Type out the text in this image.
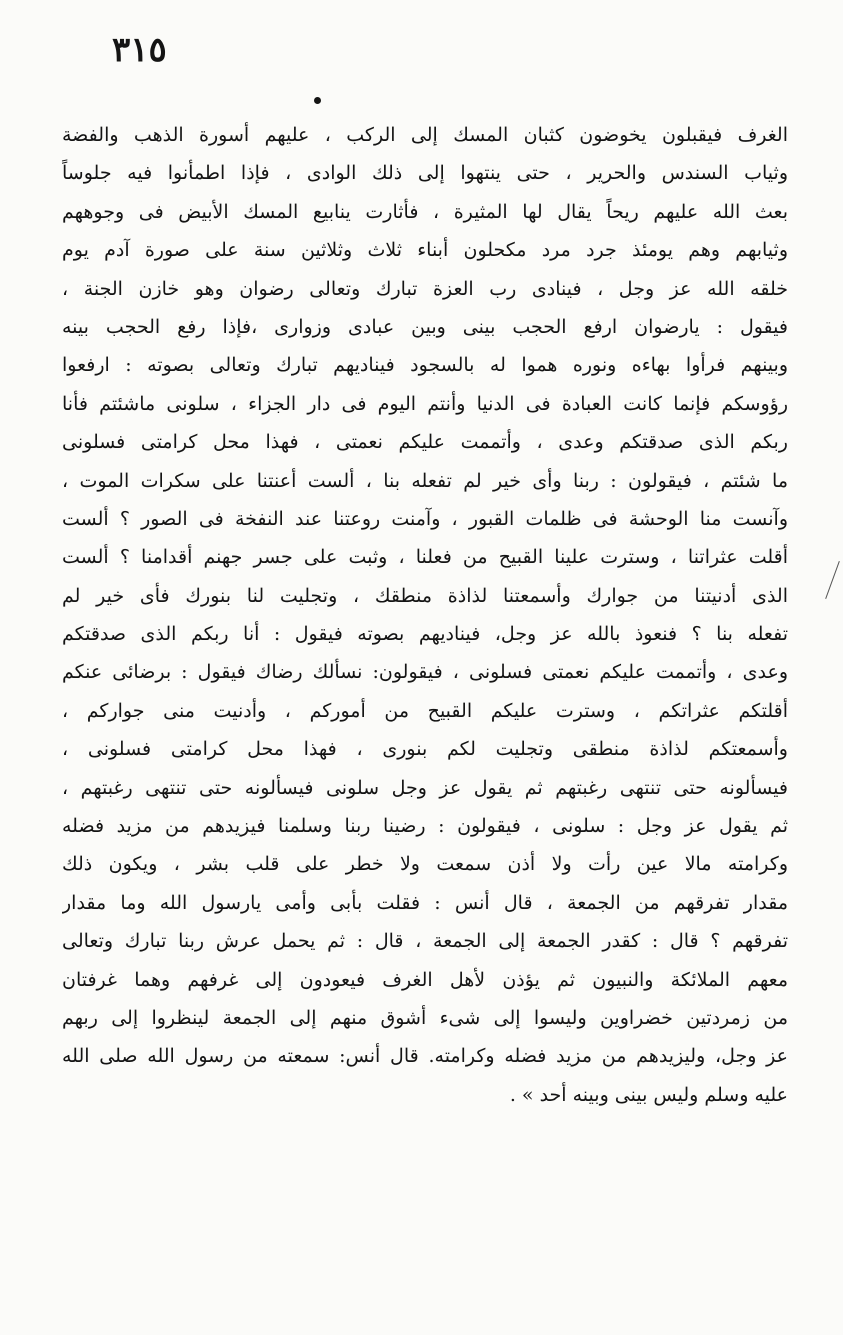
٣١٥
الغرف فيقبلون يخوضون كثبان المسك إلى الركب ، عليهم أسورة الذهب والفضة
وثياب السندس والحرير ، حتى ينتهوا إلى ذلك الوادى ، فإذا اطمأنوا فيه جلوساً
بعث الله عليهم ريحاً يقال لها المثيرة ، فأثارت ينابيع المسك الأبيض فى وجوههم
وثيابهم وهم يومئذ جرد مرد مكحلون أبناء ثلاث وثلاثين سنة على صورة آدم يوم
خلقه الله عز وجل ، فينادى رب العزة تبارك وتعالى رضوان وهو خازن الجنة ،
فيقول : يارضوان ارفع الحجب بينى وبين عبادى وزوارى ،فإذا رفع الحجب بينه
وبينهم فرأوا بهاءه ونوره هموا له بالسجود فيناديهم تبارك وتعالى بصوته : ارفعوا
رؤوسكم فإنما كانت العبادة فى الدنيا وأنتم اليوم فى دار الجزاء ، سلونى ماشئتم فأنا
ربكم الذى صدقتكم وعدى ، وأتممت عليكم نعمتى ، فهذا محل كرامتى فسلونى
ما شئتم ، فيقولون : ربنا وأى خير لم تفعله بنا ، ألست أعنتنا على سكرات الموت ،
وآنست منا الوحشة فى ظلمات القبور ، وآمنت روعتنا عند النفخة فى الصور ؟ ألست
أقلت عثراتنا ، وسترت علينا القبيح من فعلنا ، وثبت على جسر جهنم أقدامنا ؟ ألست
الذى أدنيتنا من جوارك وأسمعتنا لذاذة منطقك ، وتجليت لنا بنورك فأى خير لم
تفعله بنا ؟ فنعوذ بالله عز وجل، فيناديهم بصوته فيقول : أنا ربكم الذى صدقتكم
وعدى ، وأتممت عليكم نعمتى فسلونى ، فيقولون: نسألك رضاك فيقول : برضائى عنكم
أقلتكم عثراتكم ، وسترت عليكم القبيح من أموركم ، وأدنيت منى جواركم ،
وأسمعتكم لذاذة منطقى وتجليت لكم بنورى ، فهذا محل كرامتى فسلونى ،
فيسألونه حتى تنتهى رغبتهم ثم يقول عز وجل سلونى فيسألونه حتى تنتهى رغبتهم ،
ثم يقول عز وجل : سلونى ، فيقولون : رضينا ربنا وسلمنا فيزيدهم من مزيد فضله
وكرامته مالا عين رأت ولا أذن سمعت ولا خطر على قلب بشر ، ويكون ذلك
مقدار تفرقهم من الجمعة ، قال أنس : فقلت بأبى وأمى يارسول الله وما مقدار
تفرقهم ؟ قال : كقدر الجمعة إلى الجمعة ، قال : ثم يحمل عرش ربنا تبارك وتعالى
معهم الملائكة والنبيون ثم يؤذن لأهل الغرف فيعودون إلى غرفهم وهما غرفتان
من زمردتين خضراوين وليسوا إلى شىء أشوق منهم إلى الجمعة لينظروا إلى ربهم
عز وجل، وليزيدهم من مزيد فضله وكرامته. قال أنس: سمعته من رسول الله صلى الله
عليه وسلم وليس بينى وبينه أحد » .
